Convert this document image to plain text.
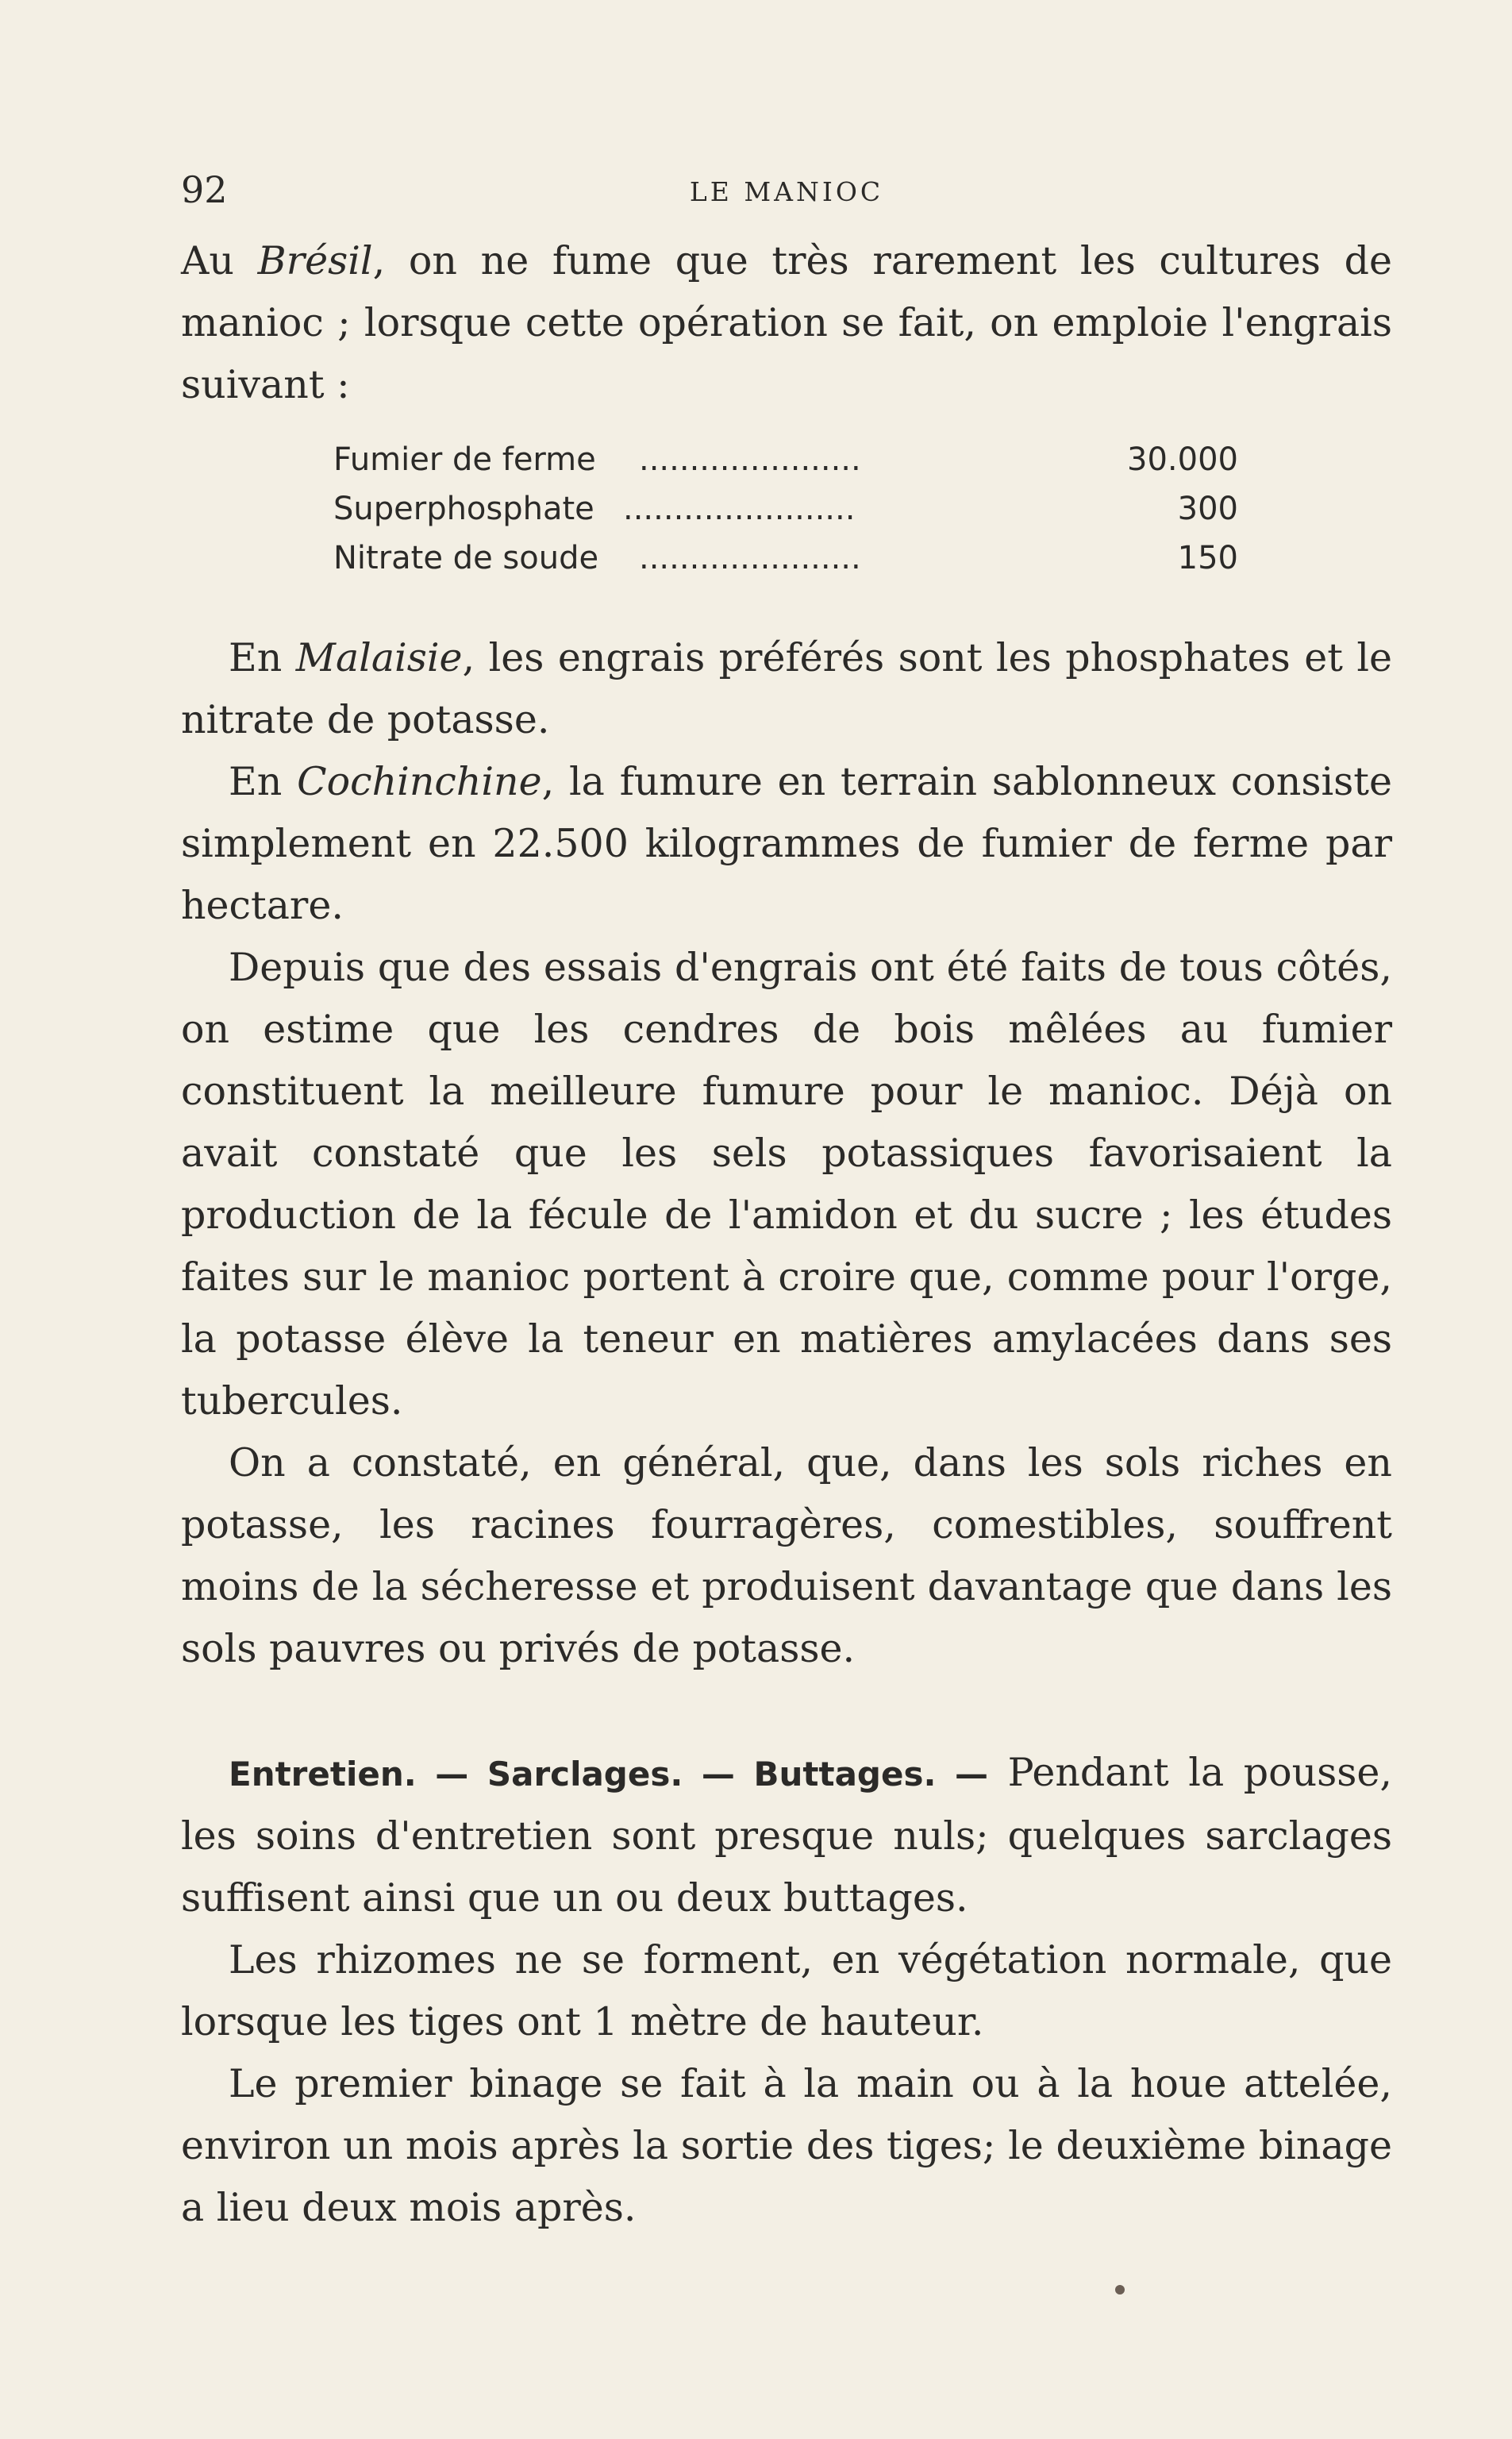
92	LE MANIOC

Au Brésil, on ne fume que très rarement les cultures de manioc ; lorsque cette opération se fait, on emploie l'engrais suivant :

Fumier de ferme ......................	30.000
Superphosphate .......................	300
Nitrate de soude ......................	150

En Malaisie, les engrais préférés sont les phosphates et le nitrate de potasse.

En Cochinchine, la fumure en terrain sablonneux consiste simplement en 22.500 kilogrammes de fumier de ferme par hectare.

Depuis que des essais d'engrais ont été faits de tous côtés, on estime que les cendres de bois mêlées au fumier constituent la meilleure fumure pour le manioc. Déjà on avait constaté que les sels potassiques favorisaient la production de la fécule de l'amidon et du sucre ; les études faites sur le manioc portent à croire que, comme pour l'orge, la potasse élève la teneur en matières amylacées dans ses tubercules.

On a constaté, en général, que, dans les sols riches en potasse, les racines fourragères, comestibles, souffrent moins de la sécheresse et produisent davantage que dans les sols pauvres ou privés de potasse.

Entretien. — Sarclages. — Buttages. — Pendant la pousse, les soins d'entretien sont presque nuls; quelques sarclages suffisent ainsi que un ou deux buttages.

Les rhizomes ne se forment, en végétation normale, que lorsque les tiges ont 1 mètre de hauteur.

Le premier binage se fait à la main ou à la houe attelée, environ un mois après la sortie des tiges; le deuxième binage a lieu deux mois après.
